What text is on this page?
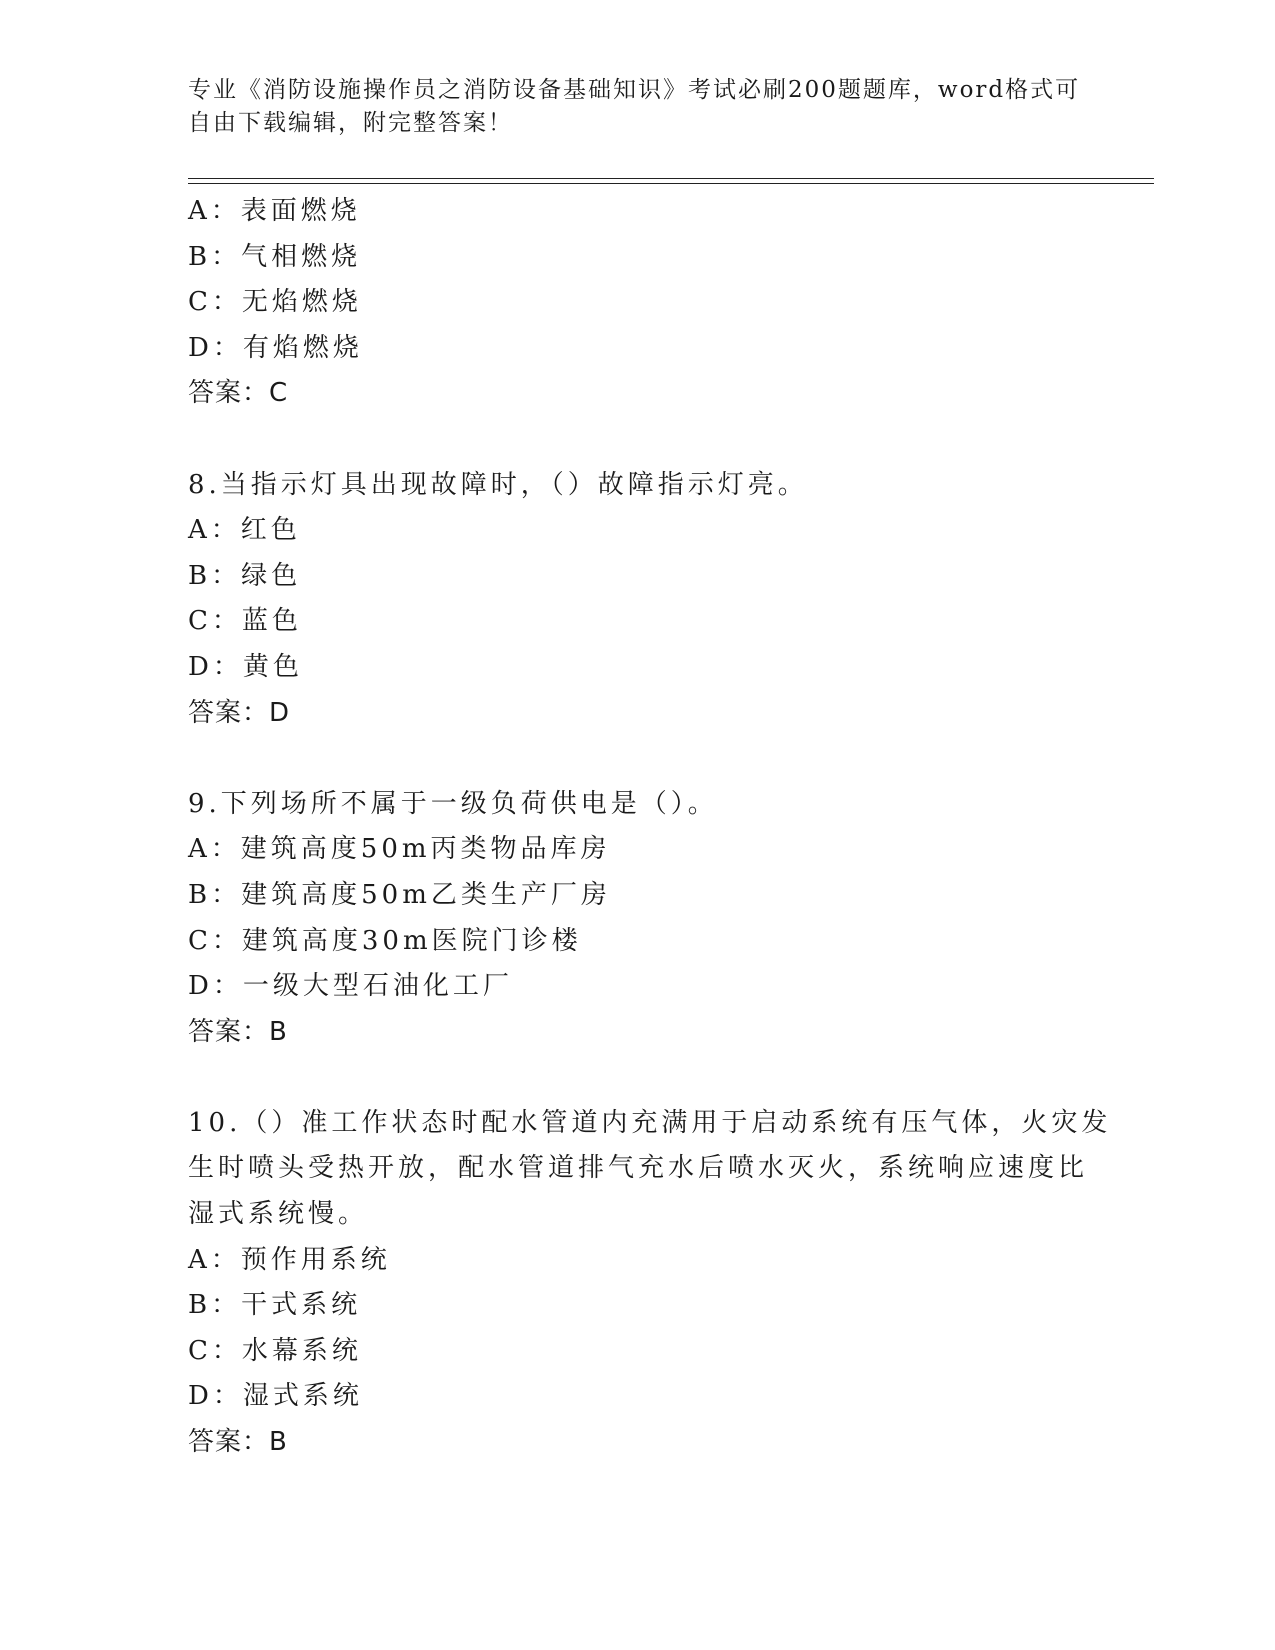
专业《消防设施操作员之消防设备基础知识》考试必刷200题题库，word格式可
自由下载编辑，附完整答案！
A：表面燃烧
B：气相燃烧
C：无焰燃烧
D：有焰燃烧
答案：C
8.当指示灯具出现故障时，（）故障指示灯亮。
A：红色
B：绿色
C：蓝色
D：黄色
答案：D
9.下列场所不属于一级负荷供电是（）。
A：建筑高度50m丙类物品库房
B：建筑高度50m乙类生产厂房
C：建筑高度30m医院门诊楼
D：一级大型石油化工厂
答案：B
10.（）准工作状态时配水管道内充满用于启动系统有压气体，火灾发
生时喷头受热开放，配水管道排气充水后喷水灭火，系统响应速度比
湿式系统慢。
A：预作用系统
B：干式系统
C：水幕系统
D：湿式系统
答案：B
